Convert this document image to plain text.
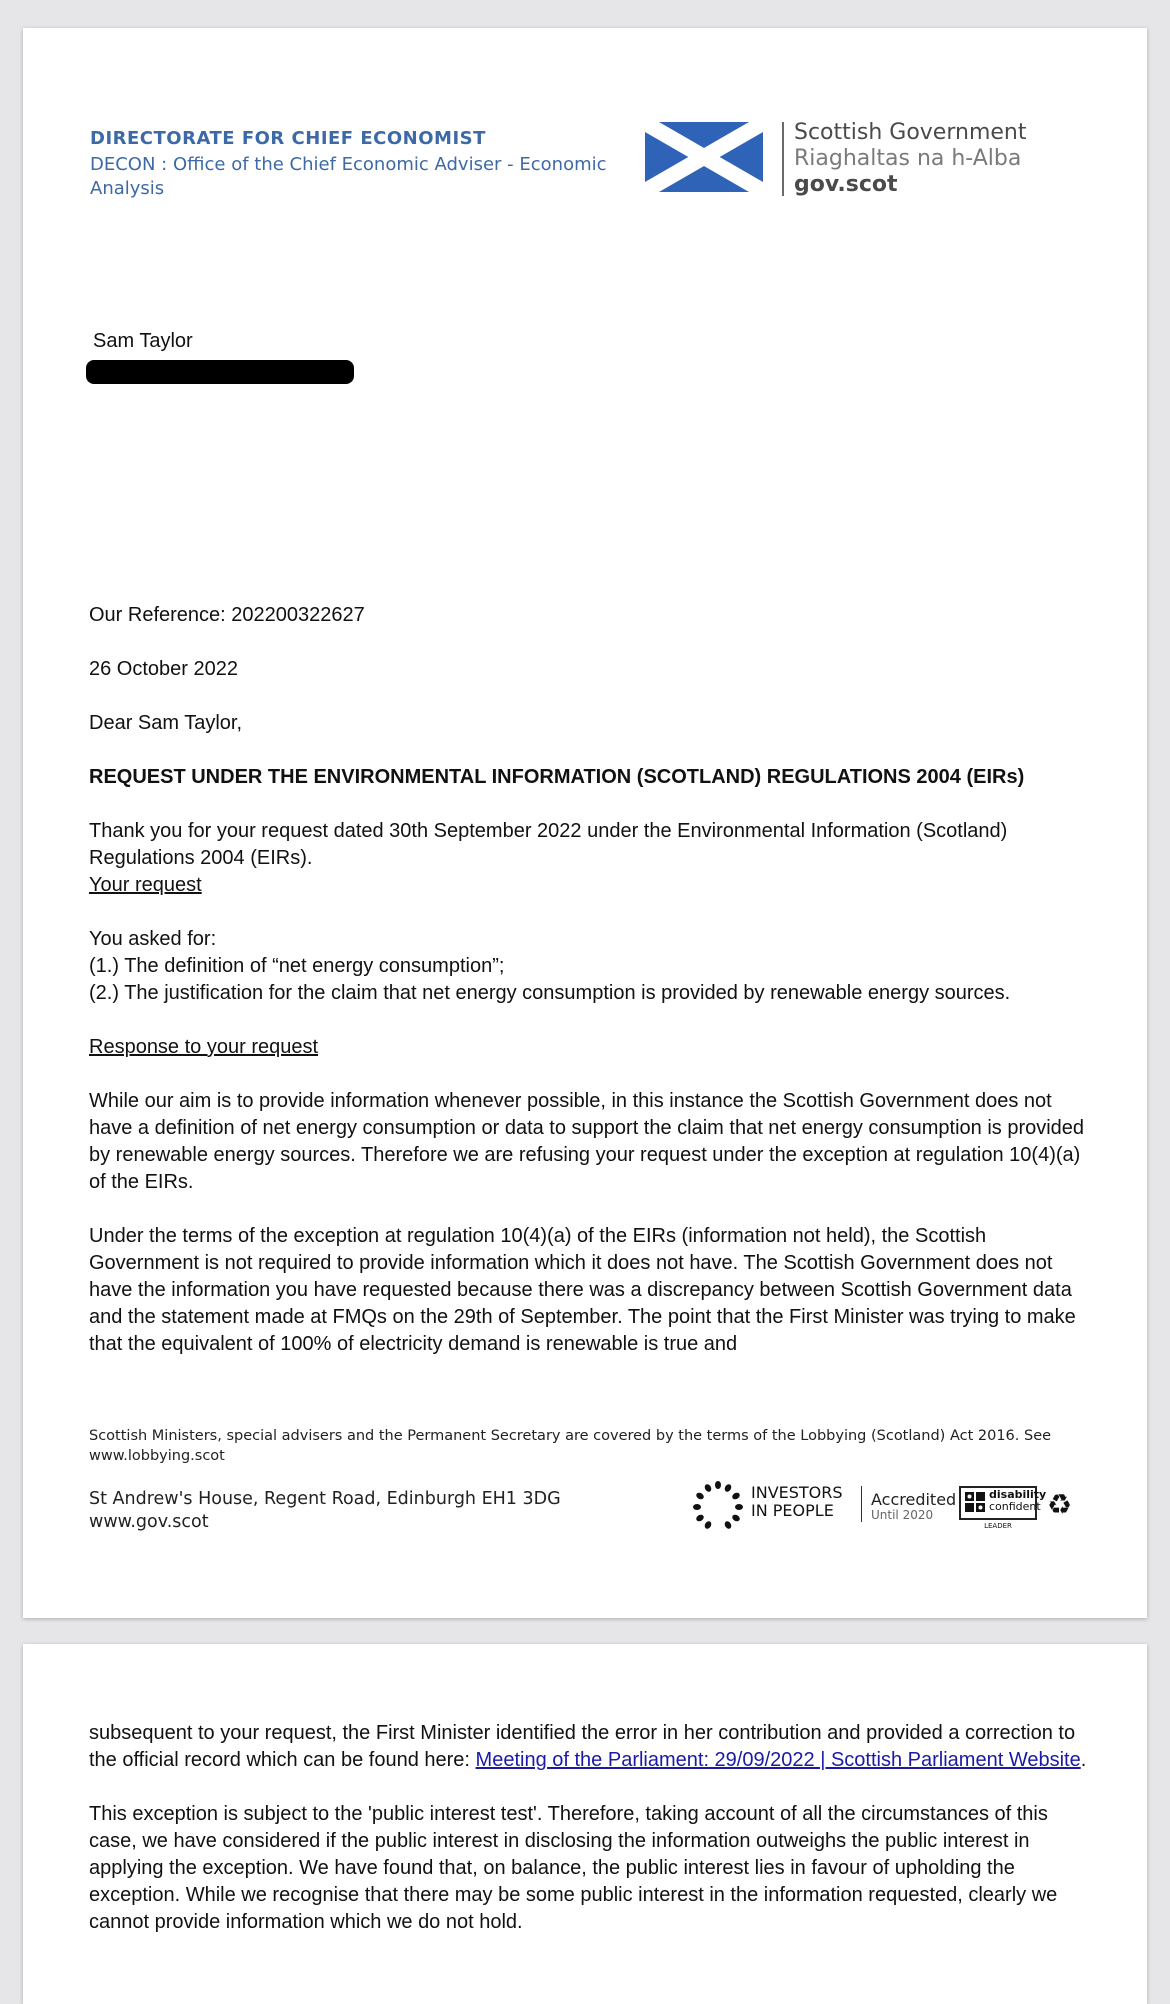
DIRECTORATE FOR CHIEF ECONOMIST
DECON : Office of the Chief Economic Adviser - Economic Analysis
Scottish Government
Riaghaltas na h-Alba
gov.scot
Sam Taylor

Our Reference: 202200322627

26 October 2022

Dear Sam Taylor,

REQUEST UNDER THE ENVIRONMENTAL INFORMATION (SCOTLAND) REGULATIONS 2004 (EIRs)

Thank you for your request dated 30th September 2022 under the Environmental Information (Scotland) Regulations 2004 (EIRs).

Your request

You asked for:

(1.) The definition of “net energy consumption”;

(2.) The justification for the claim that net energy consumption is provided by renewable energy sources.

Response to your request

While our aim is to provide information whenever possible, in this instance the Scottish Government does not have a definition of net energy consumption or data to support the claim that net energy consumption is provided by renewable energy sources. Therefore we are refusing your request under the exception at regulation 10(4)(a) of the EIRs.

Under the terms of the exception at regulation 10(4)(a) of the EIRs (information not held), the Scottish Government is not required to provide information which it does not have. The Scottish Government does not have the information you have requested because there was a discrepancy between Scottish Government data and the statement made at FMQs on the 29th of September. The point that the First Minister was trying to make that the equivalent of 100% of electricity demand is renewable is true and

Scottish Ministers, special advisers and the Permanent Secretary are covered by the terms of the Lobbying (Scotland) Act 2016. See www.lobbying.scot
St Andrew's House, Regent Road, Edinburgh EH1 3DG
www.gov.scot
INVESTORS
IN PEOPLE
Accredited
Until 2020
disability
confident
LEADER
♻

subsequent to your request, the First Minister identified the error in her contribution and provided a correction to the official record which can be found here: Meeting of the Parliament: 29/09/2022 | Scottish Parliament Website.

This exception is subject to the 'public interest test'. Therefore, taking account of all the circumstances of this case, we have considered if the public interest in disclosing the information outweighs the public interest in applying the exception. We have found that, on balance, the public interest lies in favour of upholding the exception. While we recognise that there may be some public interest in the information requested, clearly we cannot provide information which we do not hold.
